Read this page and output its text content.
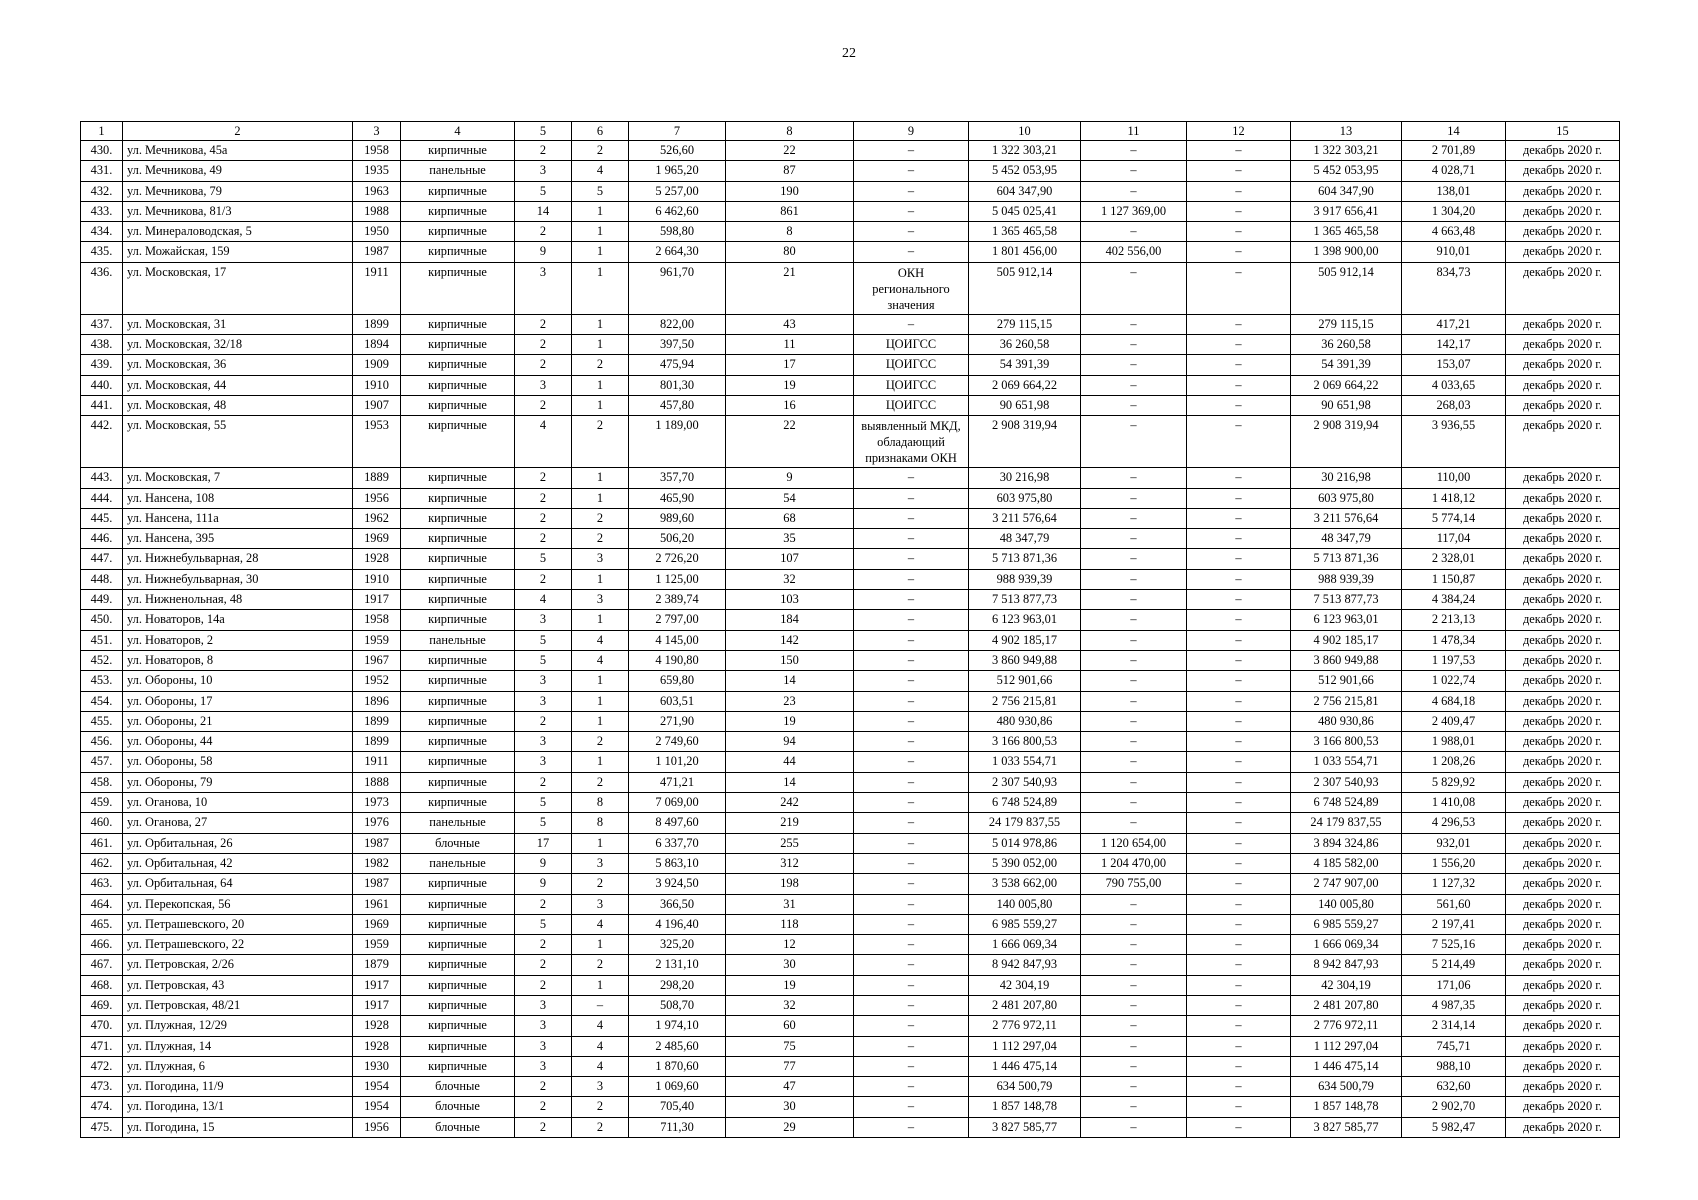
22
1	2	3	4	5	6	7	8	9	10	11	12	13	14	15
430.	ул. Мечникова, 45а	1958	кирпичные	2	2	526,60	22	–	1 322 303,21	–	–	1 322 303,21	2 701,89	декабрь 2020 г.
431.	ул. Мечникова, 49	1935	панельные	3	4	1 965,20	87	–	5 452 053,95	–	–	5 452 053,95	4 028,71	декабрь 2020 г.
432.	ул. Мечникова, 79	1963	кирпичные	5	5	5 257,00	190	–	604 347,90	–	–	604 347,90	138,01	декабрь 2020 г.
433.	ул. Мечникова, 81/3	1988	кирпичные	14	1	6 462,60	861	–	5 045 025,41	1 127 369,00	–	3 917 656,41	1 304,20	декабрь 2020 г.
434.	ул. Минераловодская, 5	1950	кирпичные	2	1	598,80	8	–	1 365 465,58	–	–	1 365 465,58	4 663,48	декабрь 2020 г.
435.	ул. Можайская, 159	1987	кирпичные	9	1	2 664,30	80	–	1 801 456,00	402 556,00	–	1 398 900,00	910,01	декабрь 2020 г.
436.	ул. Московская, 17	1911	кирпичные	3	1	961,70	21	ОКН регионального значения	505 912,14	–	–	505 912,14	834,73	декабрь 2020 г.
437.	ул. Московская, 31	1899	кирпичные	2	1	822,00	43	–	279 115,15	–	–	279 115,15	417,21	декабрь 2020 г.
438.	ул. Московская, 32/18	1894	кирпичные	2	1	397,50	11	ЦОИГСС	36 260,58	–	–	36 260,58	142,17	декабрь 2020 г.
439.	ул. Московская, 36	1909	кирпичные	2	2	475,94	17	ЦОИГСС	54 391,39	–	–	54 391,39	153,07	декабрь 2020 г.
440.	ул. Московская, 44	1910	кирпичные	3	1	801,30	19	ЦОИГСС	2 069 664,22	–	–	2 069 664,22	4 033,65	декабрь 2020 г.
441.	ул. Московская, 48	1907	кирпичные	2	1	457,80	16	ЦОИГСС	90 651,98	–	–	90 651,98	268,03	декабрь 2020 г.
442.	ул. Московская, 55	1953	кирпичные	4	2	1 189,00	22	выявленный МКД, обладающий признаками ОКН	2 908 319,94	–	–	2 908 319,94	3 936,55	декабрь 2020 г.
443.	ул. Московская, 7	1889	кирпичные	2	1	357,70	9	–	30 216,98	–	–	30 216,98	110,00	декабрь 2020 г.
444.	ул. Нансена, 108	1956	кирпичные	2	1	465,90	54	–	603 975,80	–	–	603 975,80	1 418,12	декабрь 2020 г.
445.	ул. Нансена, 111а	1962	кирпичные	2	2	989,60	68	–	3 211 576,64	–	–	3 211 576,64	5 774,14	декабрь 2020 г.
446.	ул. Нансена, 395	1969	кирпичные	2	2	506,20	35	–	48 347,79	–	–	48 347,79	117,04	декабрь 2020 г.
447.	ул. Нижнебульварная, 28	1928	кирпичные	5	3	2 726,20	107	–	5 713 871,36	–	–	5 713 871,36	2 328,01	декабрь 2020 г.
448.	ул. Нижнебульварная, 30	1910	кирпичные	2	1	1 125,00	32	–	988 939,39	–	–	988 939,39	1 150,87	декабрь 2020 г.
449.	ул. Нижненольная, 48	1917	кирпичные	4	3	2 389,74	103	–	7 513 877,73	–	–	7 513 877,73	4 384,24	декабрь 2020 г.
450.	ул. Новаторов, 14а	1958	кирпичные	3	1	2 797,00	184	–	6 123 963,01	–	–	6 123 963,01	2 213,13	декабрь 2020 г.
451.	ул. Новаторов, 2	1959	панельные	5	4	4 145,00	142	–	4 902 185,17	–	–	4 902 185,17	1 478,34	декабрь 2020 г.
452.	ул. Новаторов, 8	1967	кирпичные	5	4	4 190,80	150	–	3 860 949,88	–	–	3 860 949,88	1 197,53	декабрь 2020 г.
453.	ул. Обороны, 10	1952	кирпичные	3	1	659,80	14	–	512 901,66	–	–	512 901,66	1 022,74	декабрь 2020 г.
454.	ул. Обороны, 17	1896	кирпичные	3	1	603,51	23	–	2 756 215,81	–	–	2 756 215,81	4 684,18	декабрь 2020 г.
455.	ул. Обороны, 21	1899	кирпичные	2	1	271,90	19	–	480 930,86	–	–	480 930,86	2 409,47	декабрь 2020 г.
456.	ул. Обороны, 44	1899	кирпичные	3	2	2 749,60	94	–	3 166 800,53	–	–	3 166 800,53	1 988,01	декабрь 2020 г.
457.	ул. Обороны, 58	1911	кирпичные	3	1	1 101,20	44	–	1 033 554,71	–	–	1 033 554,71	1 208,26	декабрь 2020 г.
458.	ул. Обороны, 79	1888	кирпичные	2	2	471,21	14	–	2 307 540,93	–	–	2 307 540,93	5 829,92	декабрь 2020 г.
459.	ул. Оганова, 10	1973	кирпичные	5	8	7 069,00	242	–	6 748 524,89	–	–	6 748 524,89	1 410,08	декабрь 2020 г.
460.	ул. Оганова, 27	1976	панельные	5	8	8 497,60	219	–	24 179 837,55	–	–	24 179 837,55	4 296,53	декабрь 2020 г.
461.	ул. Орбитальная, 26	1987	блочные	17	1	6 337,70	255	–	5 014 978,86	1 120 654,00	–	3 894 324,86	932,01	декабрь 2020 г.
462.	ул. Орбитальная, 42	1982	панельные	9	3	5 863,10	312	–	5 390 052,00	1 204 470,00	–	4 185 582,00	1 556,20	декабрь 2020 г.
463.	ул. Орбитальная, 64	1987	кирпичные	9	2	3 924,50	198	–	3 538 662,00	790 755,00	–	2 747 907,00	1 127,32	декабрь 2020 г.
464.	ул. Перекопская, 56	1961	кирпичные	2	3	366,50	31	–	140 005,80	–	–	140 005,80	561,60	декабрь 2020 г.
465.	ул. Петрашевского, 20	1969	кирпичные	5	4	4 196,40	118	–	6 985 559,27	–	–	6 985 559,27	2 197,41	декабрь 2020 г.
466.	ул. Петрашевского, 22	1959	кирпичные	2	1	325,20	12	–	1 666 069,34	–	–	1 666 069,34	7 525,16	декабрь 2020 г.
467.	ул. Петровская, 2/26	1879	кирпичные	2	2	2 131,10	30	–	8 942 847,93	–	–	8 942 847,93	5 214,49	декабрь 2020 г.
468.	ул. Петровская, 43	1917	кирпичные	2	1	298,20	19	–	42 304,19	–	–	42 304,19	171,06	декабрь 2020 г.
469.	ул. Петровская, 48/21	1917	кирпичные	3	–	508,70	32	–	2 481 207,80	–	–	2 481 207,80	4 987,35	декабрь 2020 г.
470.	ул. Плужная, 12/29	1928	кирпичные	3	4	1 974,10	60	–	2 776 972,11	–	–	2 776 972,11	2 314,14	декабрь 2020 г.
471.	ул. Плужная, 14	1928	кирпичные	3	4	2 485,60	75	–	1 112 297,04	–	–	1 112 297,04	745,71	декабрь 2020 г.
472.	ул. Плужная, 6	1930	кирпичные	3	4	1 870,60	77	–	1 446 475,14	–	–	1 446 475,14	988,10	декабрь 2020 г.
473.	ул. Погодина, 11/9	1954	блочные	2	3	1 069,60	47	–	634 500,79	–	–	634 500,79	632,60	декабрь 2020 г.
474.	ул. Погодина, 13/1	1954	блочные	2	2	705,40	30	–	1 857 148,78	–	–	1 857 148,78	2 902,70	декабрь 2020 г.
475.	ул. Погодина, 15	1956	блочные	2	2	711,30	29	–	3 827 585,77	–	–	3 827 585,77	5 982,47	декабрь 2020 г.
